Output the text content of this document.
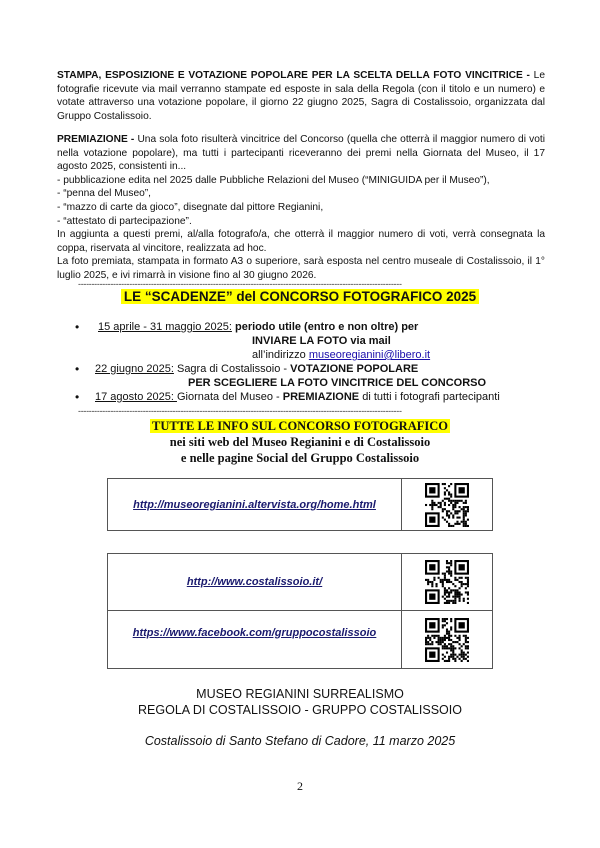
STAMPA, ESPOSIZIONE E VOTAZIONE POPOLARE PER LA SCELTA DELLA FOTO VINCITRICE - Le fotografie ricevute via mail verranno stampate ed esposte in sala della Regola (con il titolo e un numero) e votate attraverso una votazione popolare, il giorno 22 giugno 2025, Sagra di Costalissoio, organizzata dal Gruppo Costalissoio.

PREMIAZIONE - Una sola foto risulterà vincitrice del Concorso (quella che otterrà il maggior numero di voti nella votazione popolare), ma tutti i partecipanti riceveranno dei premi nella Giornata del Museo, il 17 agosto 2025, consistenti in...

- pubblicazione edita nel 2025 dalle Pubbliche Relazioni del Museo (“MINIGUIDA per il Museo”),

- “penna del Museo”,

- “mazzo di carte da gioco”, disegnate dal pittore Regianini,

- “attestato di partecipazione”.

In aggiunta a questi premi, al/alla fotografo/a, che otterrà il maggior numero di voti, verrà consegnata la coppa, riservata al vincitore, realizzata ad hoc.

La foto premiata, stampata in formato A3 o superiore, sarà esposta nel centro museale di Costalissoio, il 1° luglio 2025, e ivi rimarrà in visione fino al 30 giugno 2026.

------------------------------------------------------------------------------------------------------------------------
LE “SCADENZE” del CONCORSO FOTOGRAFICO 2025
• 15 aprile - 31 maggio 2025: periodo utile (entro e non oltre) per
INVIARE LA FOTO via mail
all’indirizzo museoregianini@libero.it
• 22 giugno 2025: Sagra di Costalissoio - VOTAZIONE POPOLARE
PER SCEGLIERE LA FOTO VINCITRICE DEL CONCORSO
• 17 agosto 2025: Giornata del Museo - PREMIAZIONE di tutti i fotografi partecipanti
------------------------------------------------------------------------------------------------------------------------
TUTTE LE INFO SUL CONCORSO FOTOGRAFICO
nei siti web del Museo Regianini e di Costalissoio
e nelle pagine Social del Gruppo Costalissoio
http://museoregianini.altervista.org/home.html	
http://www.costalissoio.it/	

https://www.facebook.com/gruppocostalissoio	
MUSEO REGIANINI SURREALISMO
REGOLA DI COSTALISSOIO - GRUPPO COSTALISSOIO
Costalissoio di Santo Stefano di Cadore, 11 marzo 2025
2
